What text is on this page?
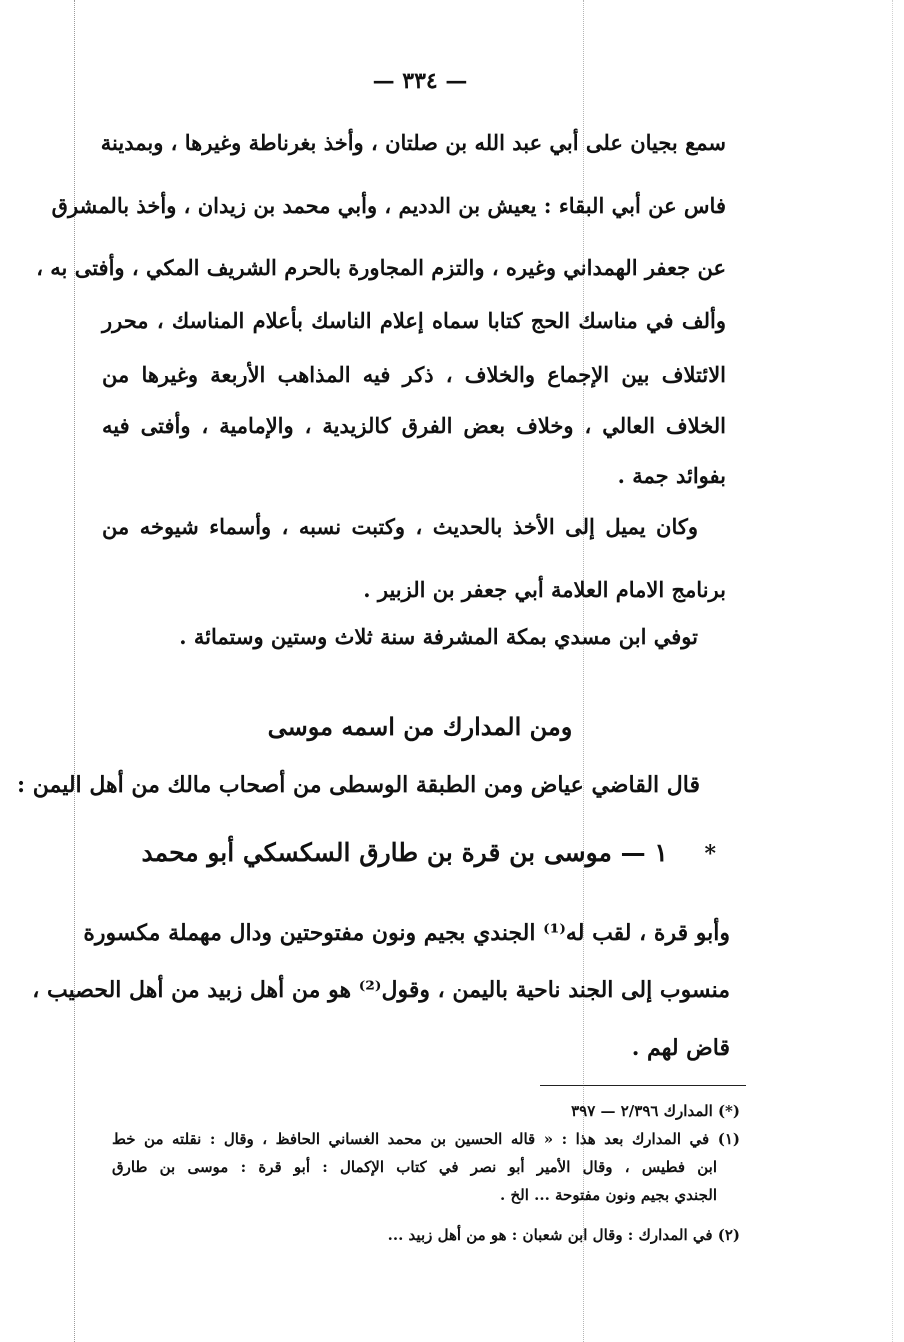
— ٣٣٤ —
سمع بجيان على أبي عبد الله بن صلتان ، وأخذ بغرناطة وغيرها ، وبمدينة
فاس عن أبي البقاء : يعيش بن الدديم ، وأبي محمد بن زيدان ، وأخذ بالمشرق
عن جعفر الهمداني وغيره ، والتزم المجاورة بالحرم الشريف المكي ، وأفتى به ،
وألف في مناسك الحج كتابا سماه إعلام الناسك بأعلام المناسك ، محرر
الائتلاف بين الإجماع والخلاف ، ذكر فيه المذاهب الأربعة وغيرها من
الخلاف العالي ، وخلاف بعض الفرق كالزيدية ، والإمامية ، وأفتى فيه
بفوائد جمة .
وكان يميل إلى الأخذ بالحديث ، وكتبت نسبه ، وأسماء شيوخه من
برنامج الامام العلامة أبي جعفر بن الزبير .
توفي ابن مسدي بمكة المشرفة سنة ثلاث وستين وستمائة .
ومن المدارك من اسمه موسى
قال القاضي عياض ومن الطبقة الوسطى من أصحاب مالك من أهل اليمن :
* ١ — موسى بن قرة بن طارق السكسكي أبو محمد
وأبو قرة ، لقب له⁽¹⁾ الجندي بجيم ونون مفتوحتين ودال مهملة مكسورة
منسوب إلى الجند ناحية باليمن ، وقول⁽²⁾ هو من أهل زبيد من أهل الحصيب ،
قاض لهم .
(*) المدارك ٢/٣٩٦ — ٣٩٧
(١) في المدارك بعد هذا : « قاله الحسين بن محمد الغساني الحافظ ، وقال : نقلته من خط
ابن فطيس ، وقال الأمير أبو نصر في كتاب الإكمال : أبو قرة : موسى بن طارق
الجندي بجيم ونون مفتوحة ... الخ .
(٢) في المدارك : وقال ابن شعبان : هو من أهل زبيد ...
